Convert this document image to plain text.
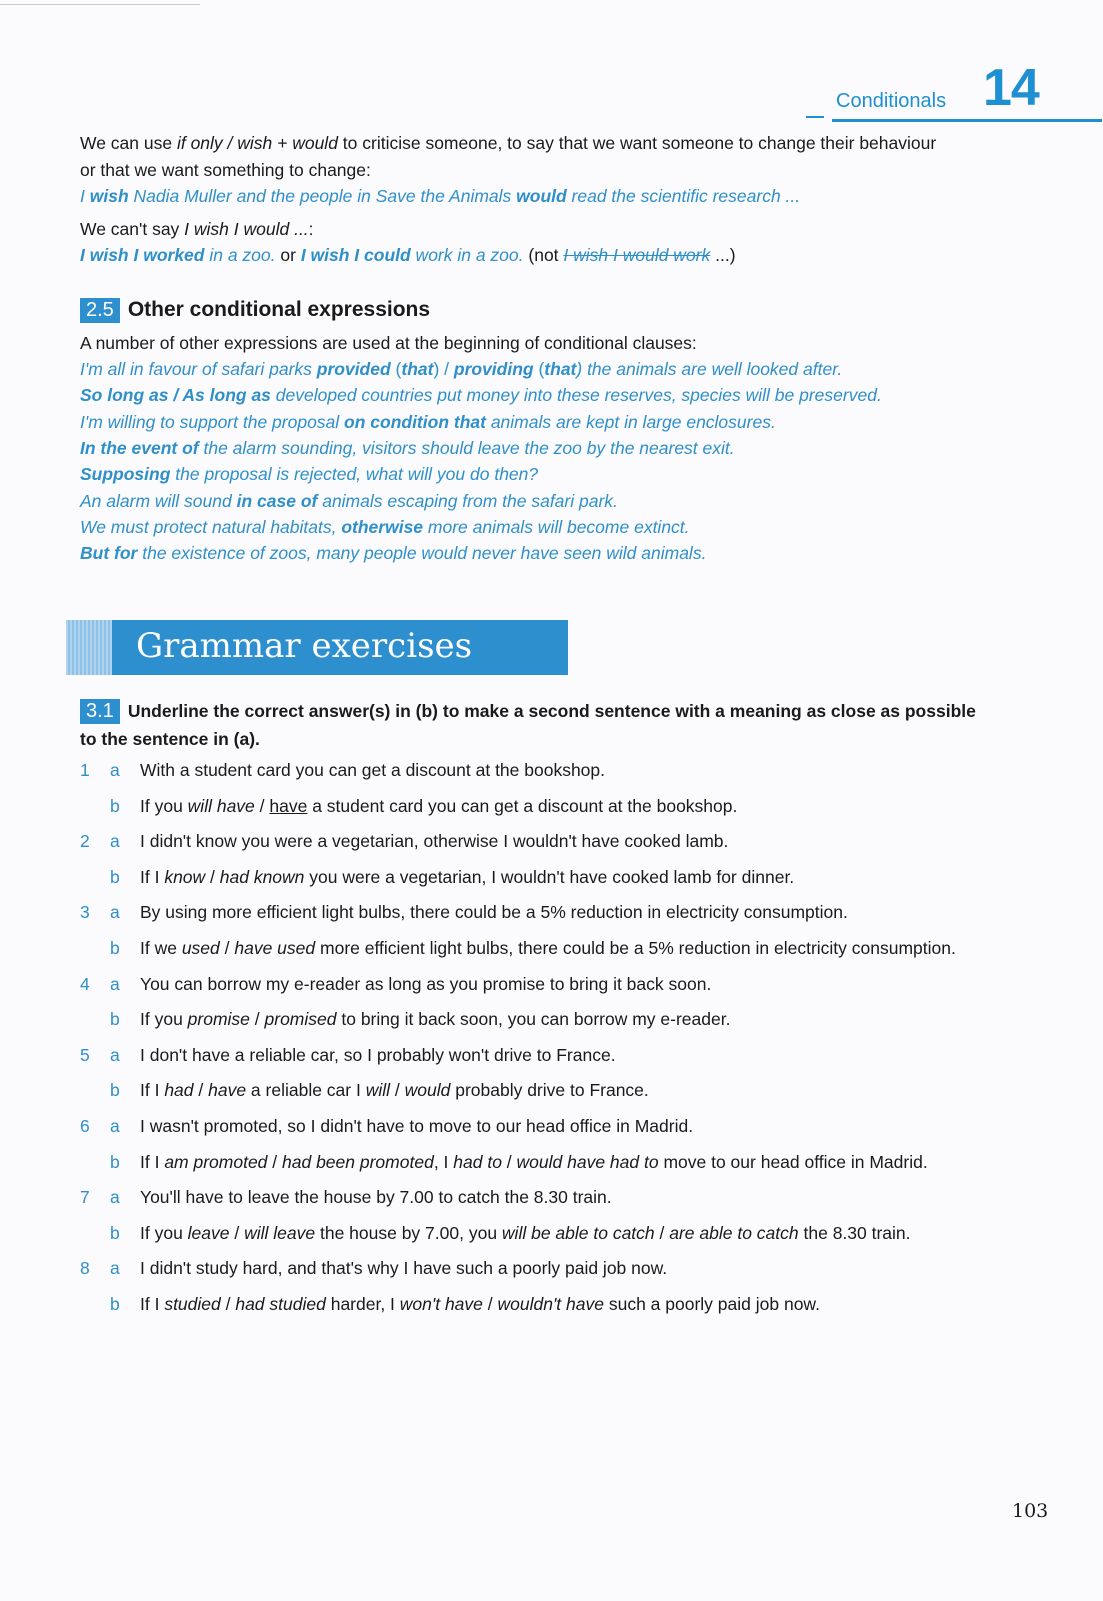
Conditionals 14
We can use if only / wish + would to criticise someone, to say that we want someone to change their behaviour
or that we want something to change:
I wish Nadia Muller and the people in Save the Animals would read the scientific research ...
We can't say I wish I would ...:
I wish I worked in a zoo. or I wish I could work in a zoo. (not I wish I would work ...)
2.5 Other conditional expressions
A number of other expressions are used at the beginning of conditional clauses:
I'm all in favour of safari parks provided (that) / providing (that) the animals are well looked after.
So long as / As long as developed countries put money into these reserves, species will be preserved.
I'm willing to support the proposal on condition that animals are kept in large enclosures.
In the event of the alarm sounding, visitors should leave the zoo by the nearest exit.
Supposing the proposal is rejected, what will you do then?
An alarm will sound in case of animals escaping from the safari park.
We must protect natural habitats, otherwise more animals will become extinct.
But for the existence of zoos, many people would never have seen wild animals.
Grammar exercises
3.1 Underline the correct answer(s) in (b) to make a second sentence with a meaning as close as possible
to the sentence in (a).
1	a	With a student card you can get a discount at the bookshop.
b	If you will have / have a student card you can get a discount at the bookshop.
2	a	I didn't know you were a vegetarian, otherwise I wouldn't have cooked lamb.
b	If I know / had known you were a vegetarian, I wouldn't have cooked lamb for dinner.
3	a	By using more efficient light bulbs, there could be a 5% reduction in electricity consumption.
b	If we used / have used more efficient light bulbs, there could be a 5% reduction in electricity consumption.
4	a	You can borrow my e-reader as long as you promise to bring it back soon.
b	If you promise / promised to bring it back soon, you can borrow my e-reader.
5	a	I don't have a reliable car, so I probably won't drive to France.
b	If I had / have a reliable car I will / would probably drive to France.
6	a	I wasn't promoted, so I didn't have to move to our head office in Madrid.
b	If I am promoted / had been promoted, I had to / would have had to move to our head office in Madrid.
7	a	You'll have to leave the house by 7.00 to catch the 8.30 train.
b	If you leave / will leave the house by 7.00, you will be able to catch / are able to catch the 8.30 train.
8	a	I didn't study hard, and that's why I have such a poorly paid job now.
b	If I studied / had studied harder, I won't have / wouldn't have such a poorly paid job now.
103
